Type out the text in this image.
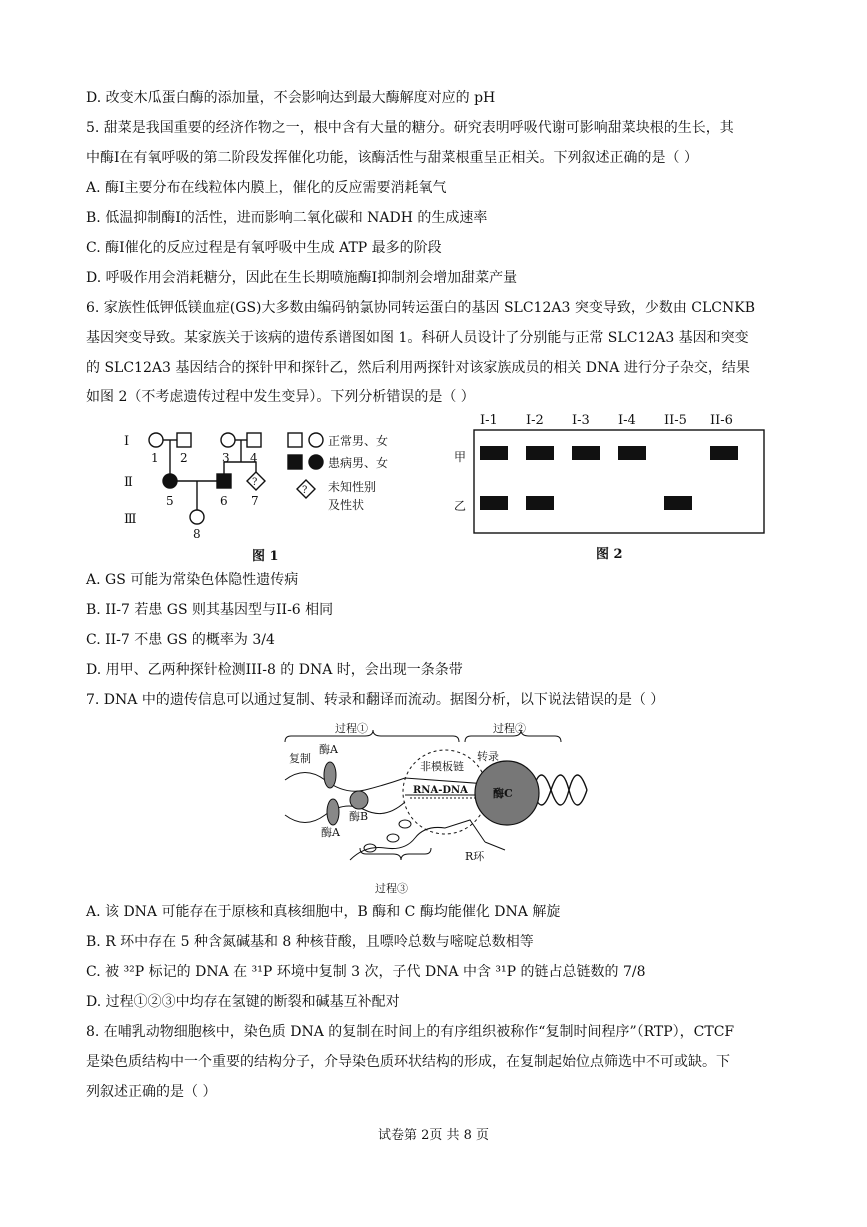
D. 改变木瓜蛋白酶的添加量，不会影响达到最大酶解度对应的 pH
5. 甜菜是我国重要的经济作物之一，根中含有大量的糖分。研究表明呼吸代谢可影响甜菜块根的生长，其
中酶I在有氧呼吸的第二阶段发挥催化功能，该酶活性与甜菜根重呈正相关。下列叙述正确的是（ ）
A. 酶I主要分布在线粒体内膜上，催化的反应需要消耗氧气
B. 低温抑制酶I的活性，进而影响二氧化碳和 NADH 的生成速率
C. 酶I催化的反应过程是有氧呼吸中生成 ATP 最多的阶段
D. 呼吸作用会消耗糖分，因此在生长期喷施酶I抑制剂会增加甜菜产量
6. 家族性低钾低镁血症(GS)大多数由编码钠氯协同转运蛋白的基因 SLC12A3 突变导致，少数由 CLCNKB
基因突变导致。某家族关于该病的遗传系谱图如图 1。科研人员设计了分别能与正常 SLC12A3 基因和突变
的 SLC12A3 基因结合的探针甲和探针乙，然后利用两探针对该家族成员的相关 DNA 进行分子杂交，结果
如图 2（不考虑遗传过程中发生变异）。下列分析错误的是（ ）
Ⅰ
Ⅱ
Ⅲ
1 2	3 4
5	6 7
8
?
?
正常男、女
患病男、女
未知性别
及性状
图 1
I-1 I-2 I-3 I-4 II-5 II-6
甲
乙
图 2
A. GS 可能为常染色体隐性遗传病
B. II-7 若患 GS 则其基因型与II-6 相同
C. II-7 不患 GS 的概率为 3/4
D. 用甲、乙两种探针检测III-8 的 DNA 时，会出现一条条带
7. DNA 中的遗传信息可以通过复制、转录和翻译而流动。据图分析，以下说法错误的是（ ）
过程①	过程②
过程③
复制
酶A
酶A
酶B
酶C
非模板链
转录
RNA-DNA
R环
A. 该 DNA 可能存在于原核和真核细胞中，B 酶和 C 酶均能催化 DNA 解旋
B. R 环中存在 5 种含氮碱基和 8 种核苷酸，且嘌呤总数与嘧啶总数相等
C. 被 ³²P 标记的 DNA 在 ³¹P 环境中复制 3 次，子代 DNA 中含 ³¹P 的链占总链数的 7/8
D. 过程①②③中均存在氢键的断裂和碱基互补配对
8. 在哺乳动物细胞核中，染色质 DNA 的复制在时间上的有序组织被称作“复制时间程序”（RTP），CTCF
是染色质结构中一个重要的结构分子，介导染色质环状结构的形成，在复制起始位点筛选中不可或缺。下
列叙述正确的是（ ）
试卷第 2页 共 8 页
